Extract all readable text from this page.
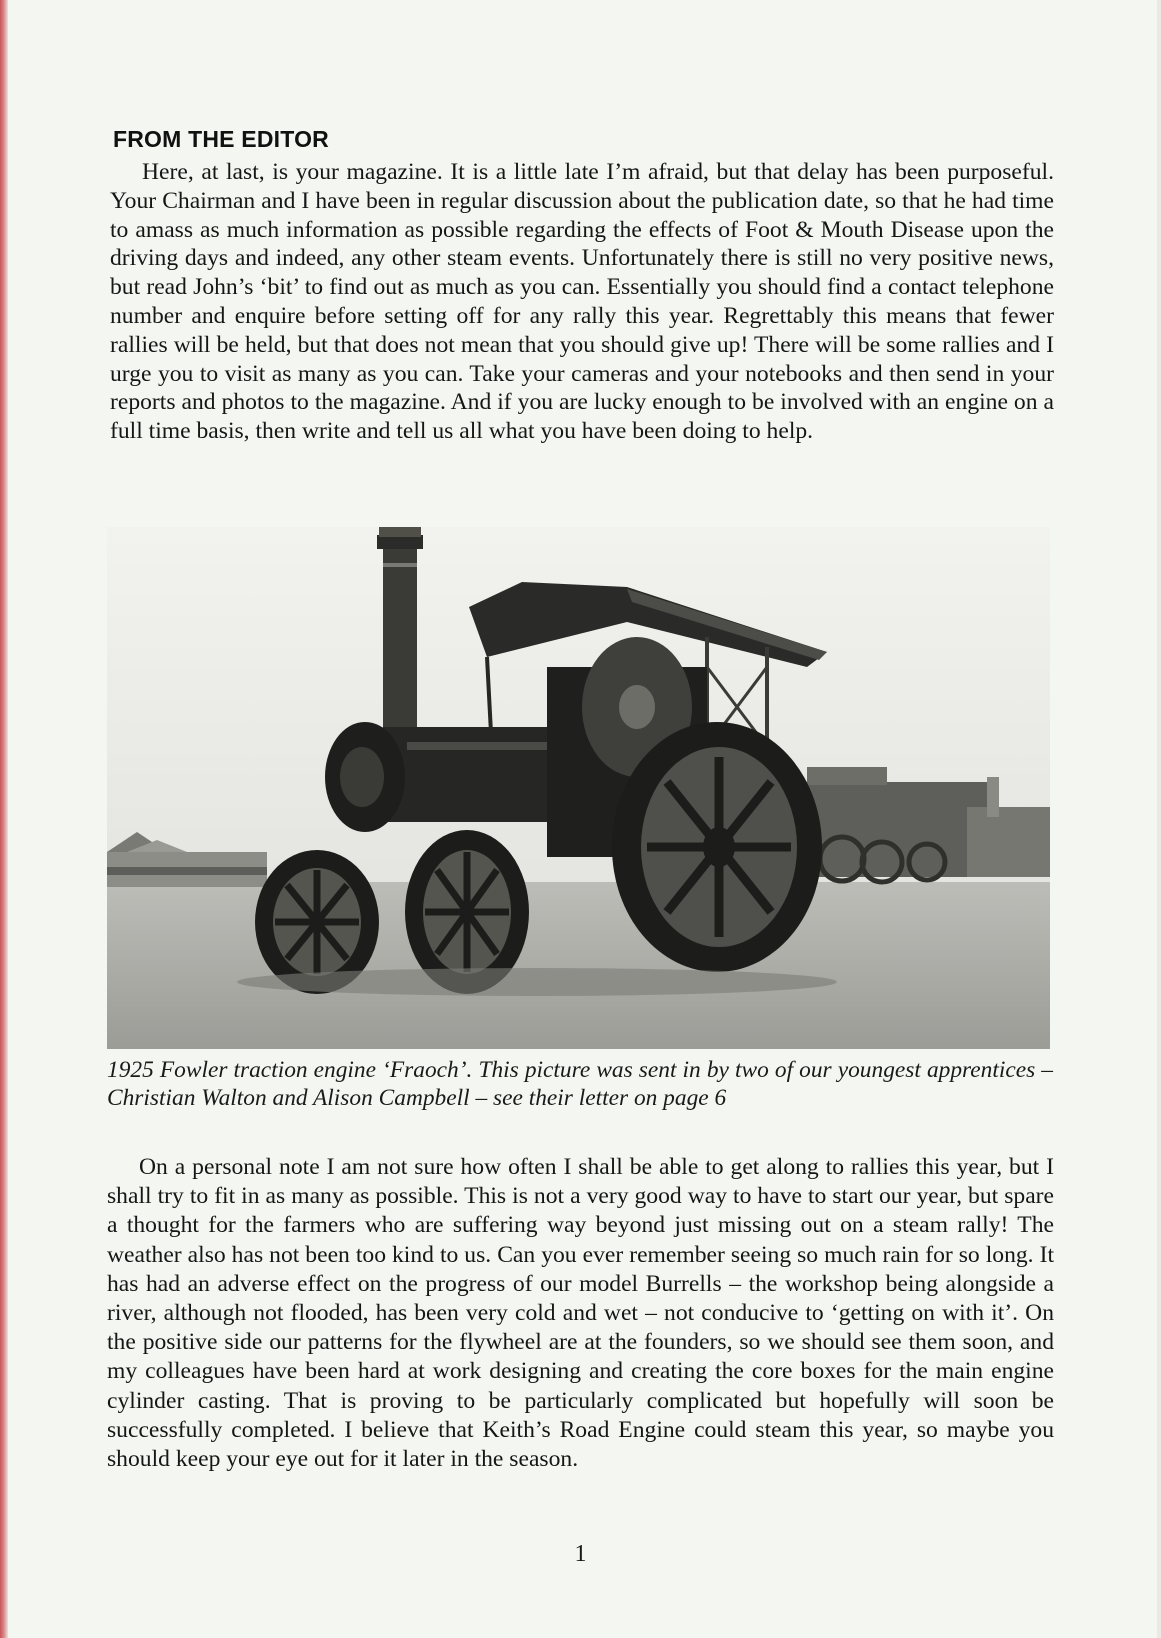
FROM THE EDITOR

Here, at last, is your magazine. It is a little late I’m afraid, but that delay has been purposeful. Your Chairman and I have been in regular discussion about the publication date, so that he had time to amass as much information as possible regarding the effects of Foot & Mouth Disease upon the driving days and indeed, any other steam events. Unfortunately there is still no very positive news, but read John’s ‘bit’ to find out as much as you can. Essentially you should find a contact telephone number and enquire before setting off for any rally this year. Regrettably this means that fewer rallies will be held, but that does not mean that you should give up! There will be some rallies and I urge you to visit as many as you can. Take your cameras and your notebooks and then send in your reports and photos to the magazine. And if you are lucky enough to be involved with an engine on a full time basis, then write and tell us all what you have been doing to help.

1925 Fowler traction engine ‘Fraoch’. This picture was sent in by two of our youngest apprentices – Christian Walton and Alison Campbell – see their letter on page 6

On a personal note I am not sure how often I shall be able to get along to rallies this year, but I shall try to fit in as many as possible. This is not a very good way to have to start our year, but spare a thought for the farmers who are suffering way beyond just missing out on a steam rally! The weather also has not been too kind to us. Can you ever remember seeing so much rain for so long. It has had an adverse effect on the progress of our model Burrells – the workshop being alongside a river, although not flooded, has been very cold and wet – not conducive to ‘getting on with it’. On the positive side our patterns for the flywheel are at the founders, so we should see them soon, and my colleagues have been hard at work designing and creating the core boxes for the main engine cylinder casting. That is proving to be particularly complicated but hopefully will soon be successfully completed. I believe that Keith’s Road Engine could steam this year, so maybe you should keep your eye out for it later in the season.

1
